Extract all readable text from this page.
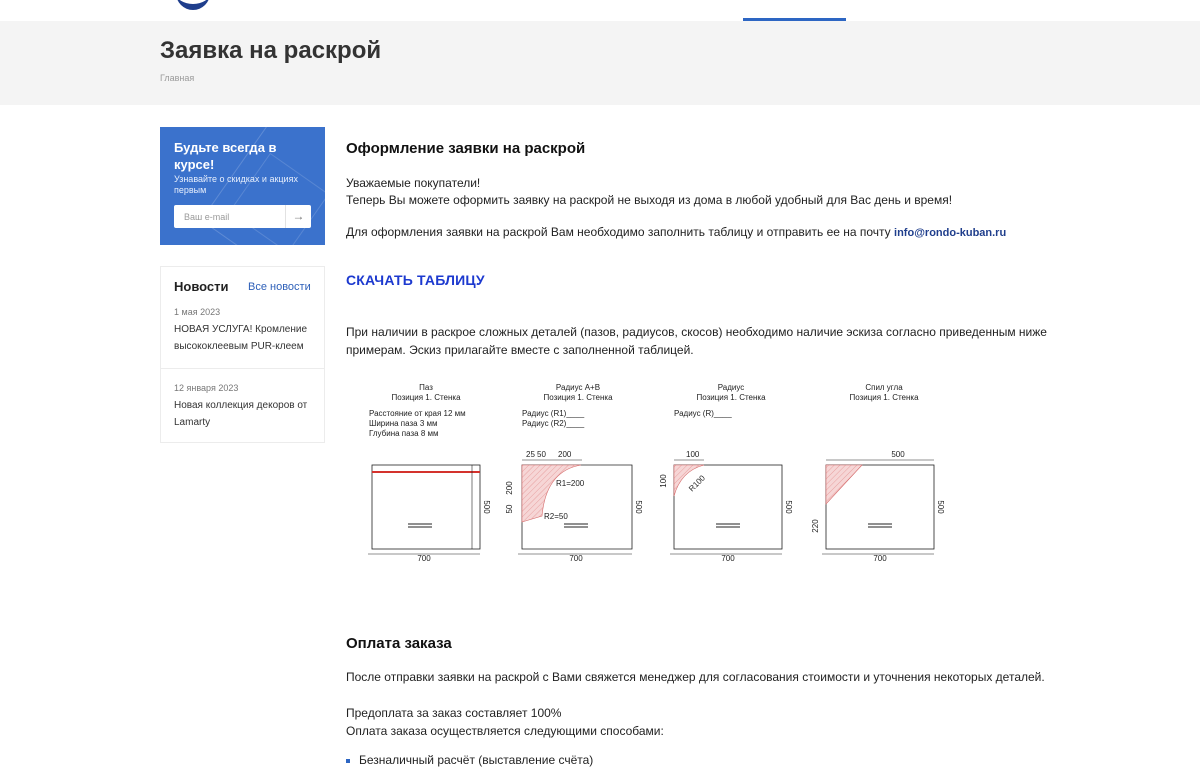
Заявка на раскрой
Главная
Будьте всегда в курсе!
Узнавайте о скидках и акциях первым
Ваш e-mail
→
Новости Все новости
1 мая 2023
НОВАЯ УСЛУГА! Кромление высококлеевым PUR-клеем
12 января 2023
Новая коллекция декоров от Lamarty
Оформление заявки на раскрой

Уважаемые покупатели!

Теперь Вы можете оформить заявку на раскрой не выходя из дома в любой удобный для Вас день и время!

Для оформления заявки на раскрой Вам необходимо заполнить таблицу и отправить ее на почту info@rondo-kuban.ru

СКАЧАТЬ ТАБЛИЦУ

При наличии в раскрое сложных деталей (пазов, радиусов, скосов) необходимо наличие эскиза согласно приведенным ниже примерам. Эскиз прилагайте вместе с заполненной таблицей.

Паз
Позиция 1. Стенка
Расстояние от края 12 мм
Ширина паза 3 мм
Глубина паза 8 мм
700
500
Радиус А+В
Позиция 1. Стенка
Радиус (R1)____
Радиус (R2)____
25 50 200
200	R1=200
50
R2=50
700
500
Радиус
Позиция 1. Стенка
Радиус (R)____
100
100 R100
700
500
Спил угла
Позиция 1. Стенка
500
220
700
500
Оплата заказа

После отправки заявки на раскрой с Вами свяжется менеджер для согласования стоимости и уточнения некоторых деталей.

Предоплата за заказ составляет 100%

Оплата заказа осуществляется следующими способами:

Безналичный расчёт (выставление счёта)
